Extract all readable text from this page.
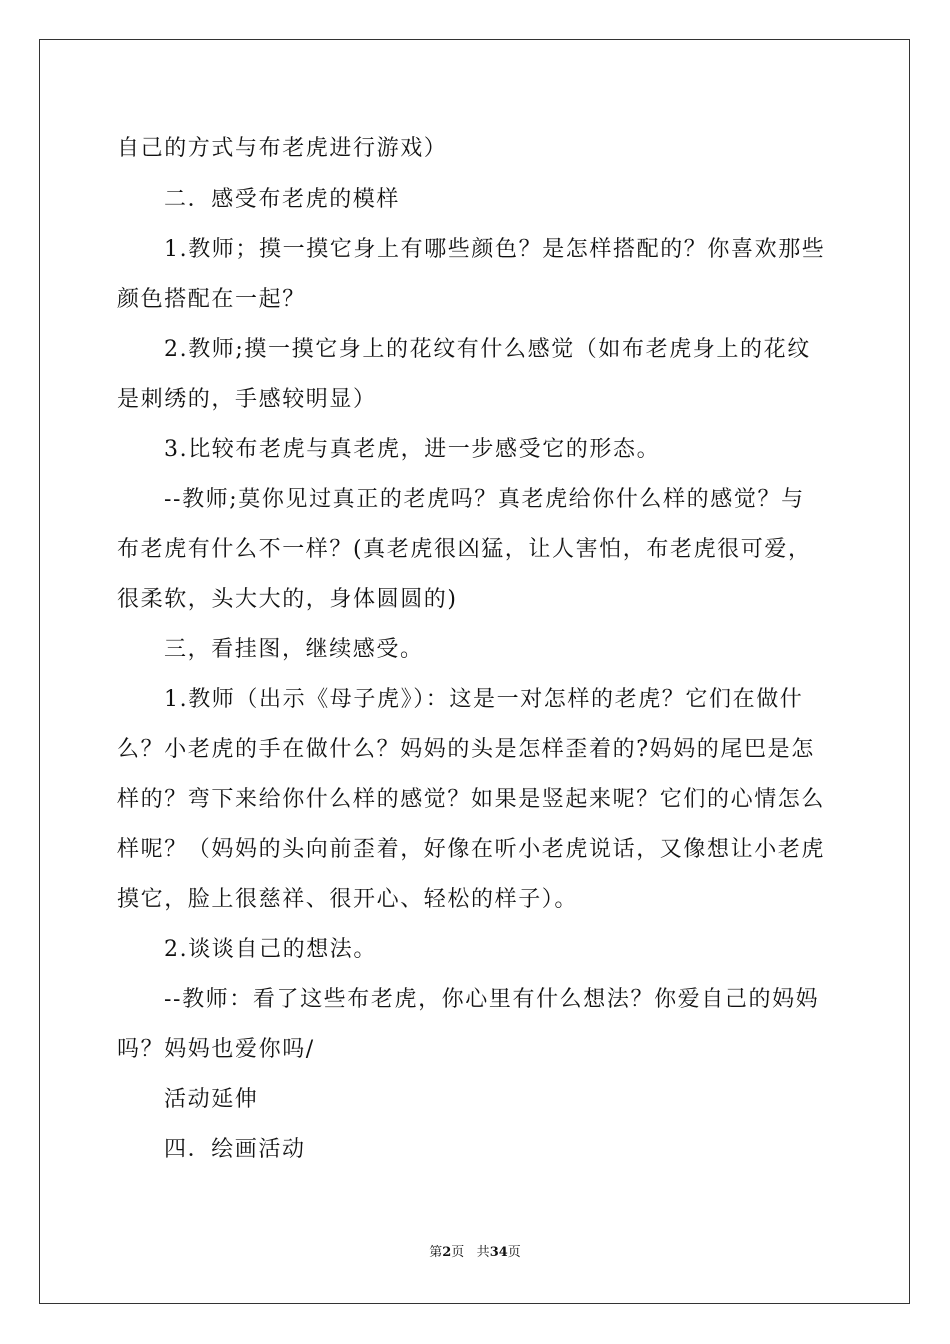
自己的方式与布老虎进行游戏）
二．感受布老虎的模样
1.教师；摸一摸它身上有哪些颜色？是怎样搭配的？你喜欢那些
颜色搭配在一起？
2.教师;摸一摸它身上的花纹有什么感觉（如布老虎身上的花纹
是刺绣的，手感较明显）
3.比较布老虎与真老虎，进一步感受它的形态。
--教师;莫你见过真正的老虎吗？真老虎给你什么样的感觉？与
布老虎有什么不一样？(真老虎很凶猛，让人害怕，布老虎很可爱，
很柔软，头大大的，身体圆圆的)
三，看挂图，继续感受。
1.教师（出示《母子虎》）：这是一对怎样的老虎？它们在做什
么？小老虎的手在做什么？妈妈的头是怎样歪着的?妈妈的尾巴是怎
样的？弯下来给你什么样的感觉？如果是竖起来呢？它们的心情怎么
样呢？（妈妈的头向前歪着，好像在听小老虎说话，又像想让小老虎
摸它，脸上很慈祥、很开心、轻松的样子）。
2.谈谈自己的想法。
--教师：看了这些布老虎，你心里有什么想法？你爱自己的妈妈
吗？妈妈也爱你吗/
活动延伸
四．绘画活动
第2页 共34页
